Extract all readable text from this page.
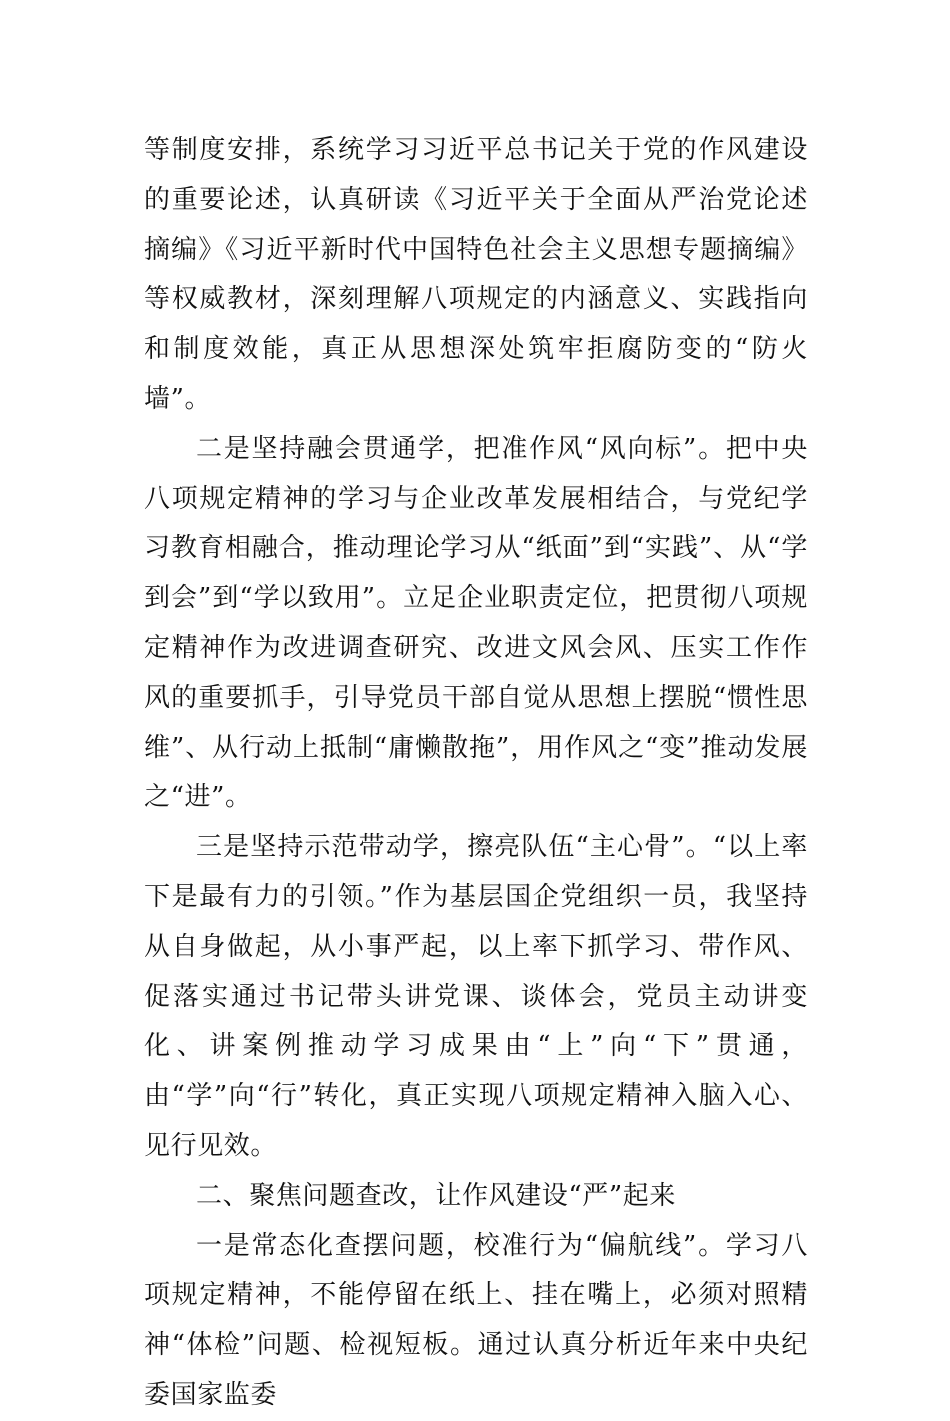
等制度安排，系统学习习近平总书记关于党的作风建设的重要论述，认真研读《习近平关于全面从严治党论述摘编》《习近平新时代中国特色社会主义思想专题摘编》等权威教材，深刻理解八项规定的内涵意义、实践指向和制度效能，真正从思想深处筑牢拒腐防变的“防火墙”。

二是坚持融会贯通学，把准作风“风向标”。把中央八项规定精神的学习与企业改革发展相结合，与党纪学习教育相融合，推动理论学习从“纸面”到“实践”、从“学到会”到“学以致用”。立足企业职责定位，把贯彻八项规定精神作为改进调查研究、改进文风会风、压实工作作风的重要抓手，引导党员干部自觉从思想上摆脱“惯性思维”、从行动上抵制“庸懒散拖”，用作风之“变”推动发展之“进”。

三是坚持示范带动学，擦亮队伍“主心骨”。“以上率下是最有力的引领。”作为基层国企党组织一员，我坚持从自身做起，从小事严起，以上率下抓学习、带作风、促落实通过书记带头讲党课、谈体会，党员主动讲变化、讲案例推动学习成果由“上”向“下”贯通，由“学”向“行”转化，真正实现八项规定精神入脑入心、见行见效。

二、聚焦问题查改，让作风建设“严”起来

一是常态化查摆问题，校准行为“偏航线”。学习八项规定精神，不能停留在纸上、挂在嘴上，必须对照精神“体检”问题、检视短板。通过认真分析近年来中央纪委国家监委
